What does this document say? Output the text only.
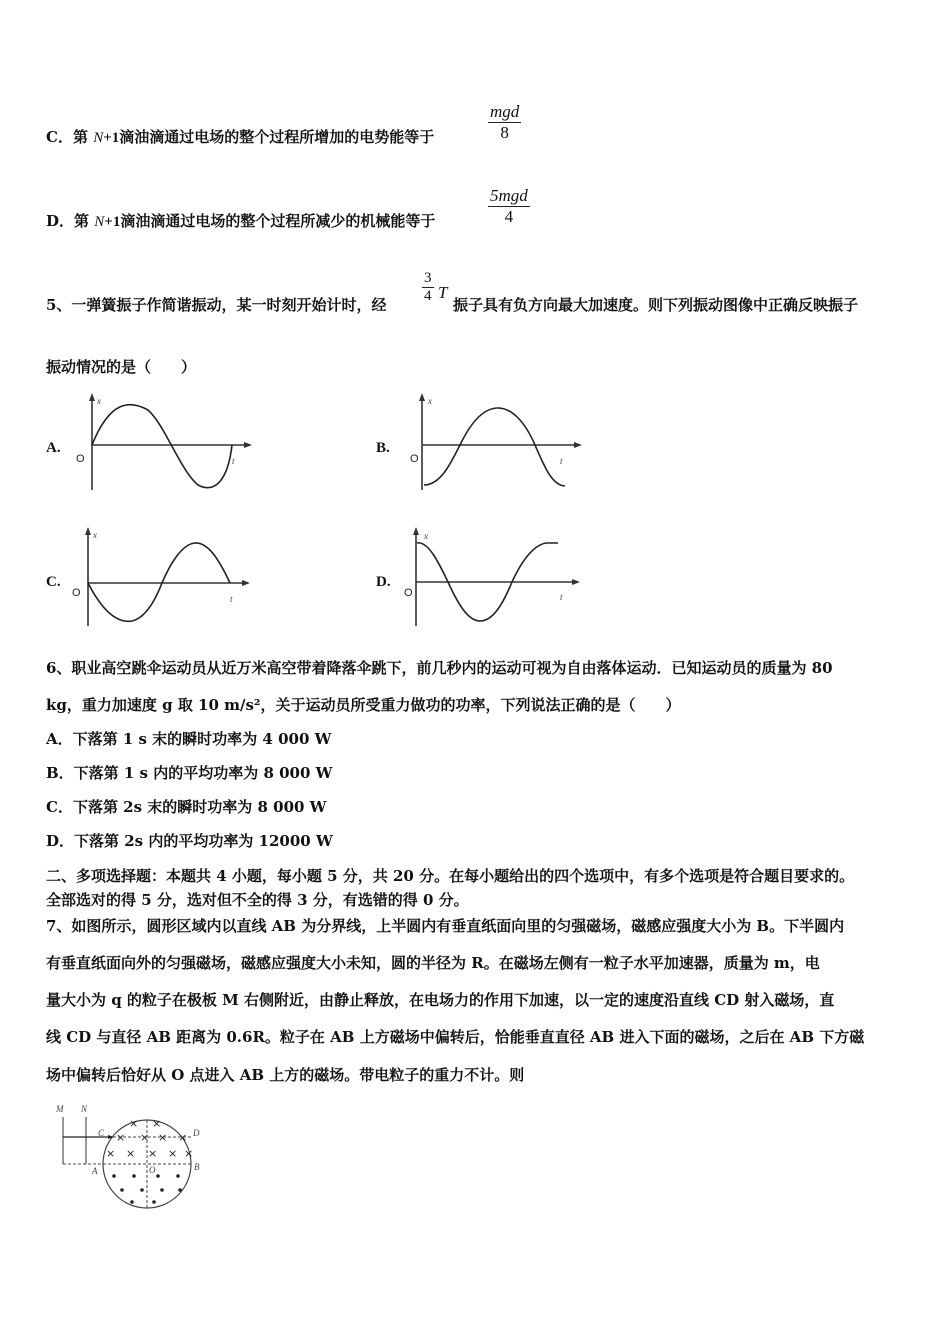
C．第 N+1滴油滴通过电场的整个过程所增加的电势能等于
mgd
8
D．第 N+1滴油滴通过电场的整个过程所减少的机械能等于
5mgd
4
5、一弹簧振子作简谐振动，某一时刻开始计时，经
3
4 T
振子具有负方向最大加速度。则下列振动图像中正确反映振子
振动情况的是（　　）
A.	B.
C.	D.
x
t
O
x
t
O
x
t
O
x
t
O
6、职业高空跳伞运动员从近万米高空带着降落伞跳下，前几秒内的运动可视为自由落体运动．已知运动员的质量为 80
kg，重力加速度 g 取 10 m/s²，关于运动员所受重力做功的功率，下列说法正确的是（　　）
A．下落第 1 s 末的瞬时功率为 4 000 W
B．下落第 1 s 内的平均功率为 8 000 W
C．下落第 2s 末的瞬时功率为 8 000 W
D．下落第 2s 内的平均功率为 12000 W
二、多项选择题：本题共 4 小题，每小题 5 分，共 20 分。在每小题给出的四个选项中，有多个选项是符合题目要求的。
全部选对的得 5 分，选对但不全的得 3 分，有选错的得 0 分。
7、如图所示，圆形区域内以直线 AB 为分界线，上半圆内有垂直纸面向里的匀强磁场，磁感应强度大小为 B。下半圆内
有垂直纸面向外的匀强磁场，磁感应强度大小未知，圆的半径为 R。在磁场左侧有一粒子水平加速器，质量为 m，电
量大小为 q 的粒子在极板 M 右侧附近，由静止释放，在电场力的作用下加速，以一定的速度沿直线 CD 射入磁场，直
线 CD 与直径 AB 距离为 0.6R。粒子在 AB 上方磁场中偏转后，恰能垂直直径 AB 进入下面的磁场，之后在 AB 下方磁
场中偏转后恰好从 O 点进入 AB 上方的磁场。带电粒子的重力不计。则
M N
C	D
A	B
O
× ×
× × × ×
× × × × ×
